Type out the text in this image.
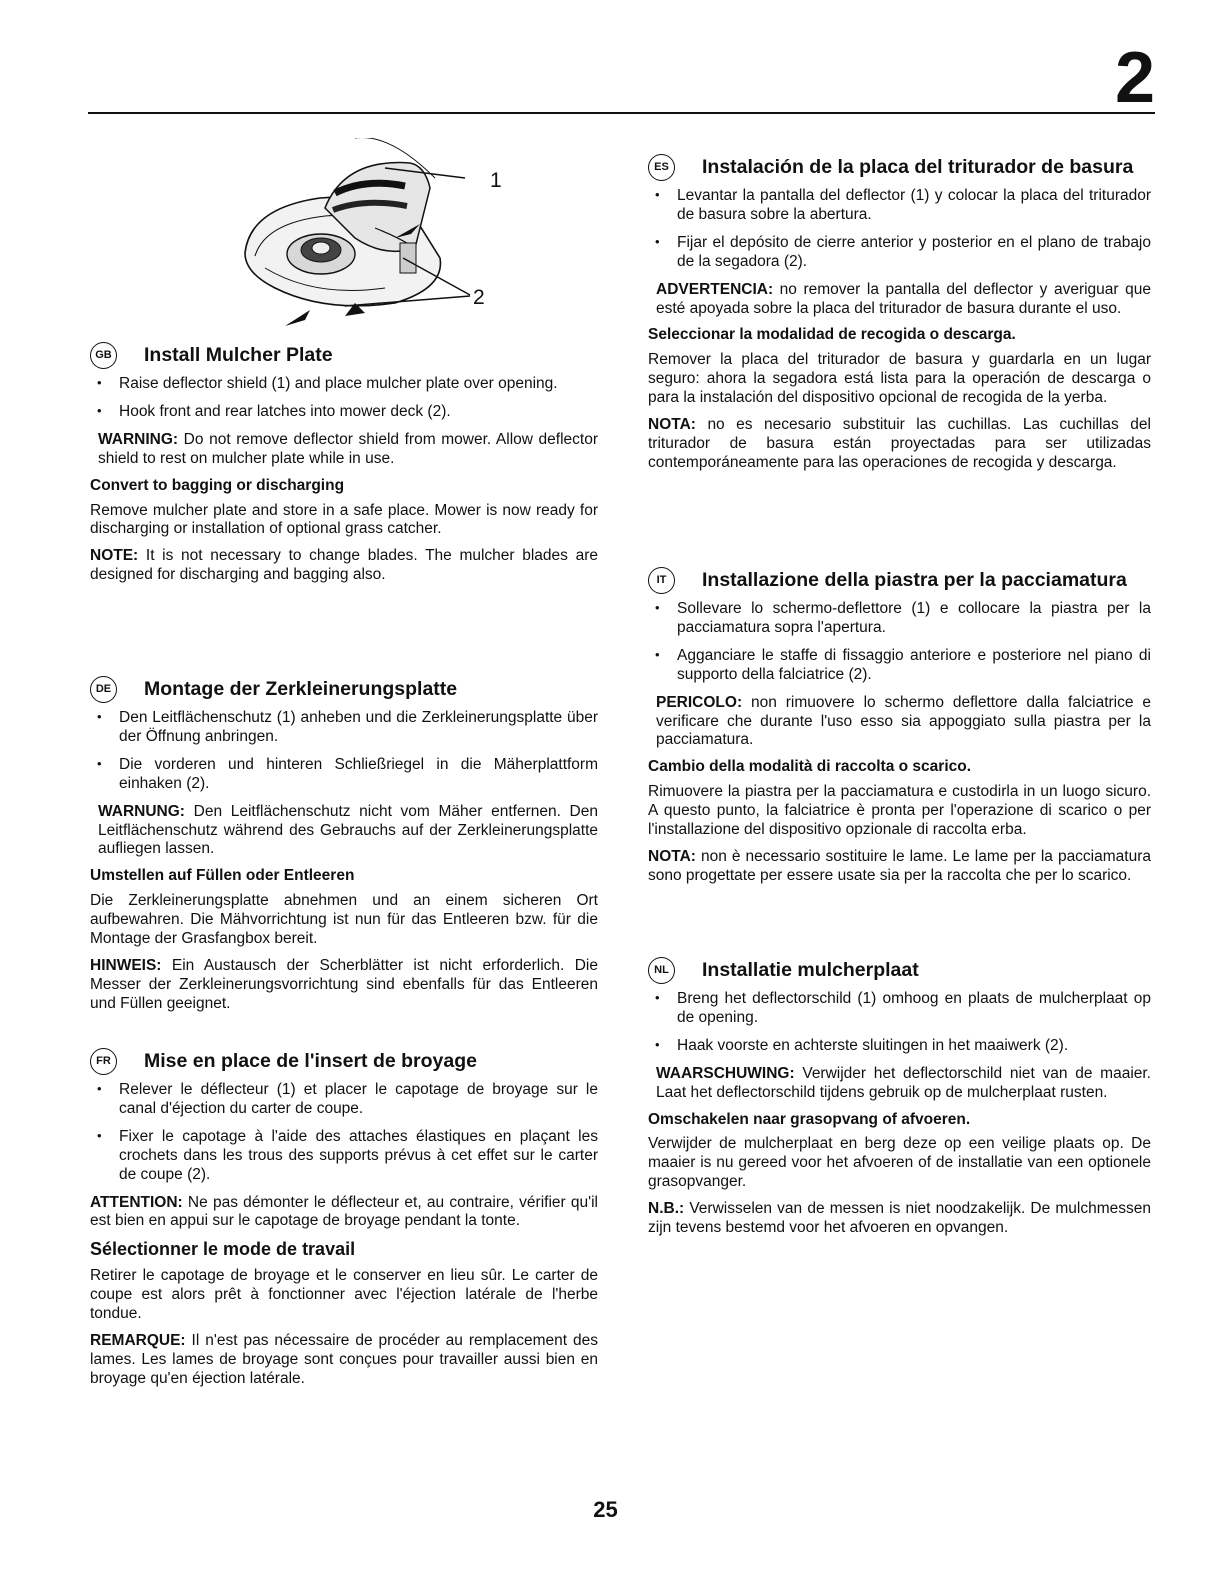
2
1
2
GB Install Mulcher Plate
• Raise deflector shield (1) and place mulcher plate over opening.
• Hook front and rear latches into mower deck (2).

WARNING: Do not remove deflector shield from mower. Allow deflector shield to rest on mulcher plate while in use.

Convert to bagging or discharging

Remove mulcher plate and store in a safe place. Mower is now ready for discharging or installation of optional grass catcher.

NOTE: It is not necessary to change blades. The mulcher blades are designed for discharging and bagging also.

DE	Montage der Zerkleinerungsplatte
• Den Leitflächenschutz (1) anheben und die Zerkleinerungsplatte über der Öffnung anbringen.
• Die vorderen und hinteren Schließriegel in die Mäherplattform einhaken (2).

WARNUNG: Den Leitflächenschutz nicht vom Mäher entfernen. Den Leitflächenschutz während des Gebrauchs auf der Zerkleinerungsplatte aufliegen lassen.

Umstellen auf Füllen oder Entleeren

Die Zerkleinerungsplatte abnehmen und an einem sicheren Ort aufbewahren. Die Mähvorrichtung ist nun für das Entleeren bzw. für die Montage der Grasfangbox bereit.

HINWEIS: Ein Austausch der Scherblätter ist nicht erforderlich. Die Messer der Zerkleinerungsvorrichtung sind ebenfalls für das Entleeren und Füllen geeignet.

FR	Mise en place de l'insert de broyage
• Relever le déflecteur (1) et placer le capotage de broyage sur le canal d'éjection du carter de coupe.
• Fixer le capotage à l'aide des attaches élastiques en plaçant les crochets dans les trous des supports prévus à cet effet sur le carter de coupe (2).

ATTENTION: Ne pas démonter le déflecteur et, au contraire, vérifier qu'il est bien en appui sur le capotage de broyage pendant la tonte.

Sélectionner le mode de travail

Retirer le capotage de broyage et le conserver en lieu sûr. Le carter de coupe est alors prêt à fonctionner avec l'éjection latérale de l'herbe tondue.

REMARQUE: Il n'est pas nécessaire de procéder au remplacement des lames. Les lames de broyage sont conçues pour travailler aussi bien en broyage qu'en éjection latérale.

ES	Instalación de la placa del triturador de basura
• Levantar la pantalla del deflector (1) y colocar la placa del triturador de basura sobre la abertura.
• Fijar el depósito de cierre anterior y posterior en el plano de trabajo de la segadora (2).

ADVERTENCIA: no remover la pantalla del deflector y averiguar que esté apoyada sobre la placa del triturador de basura durante el uso.

Seleccionar la modalidad de recogida o descarga.

Remover la placa del triturador de basura y guardarla en un lugar seguro: ahora la segadora está lista para la operación de descarga o para la instalación del dispositivo opcional de recogida de la yerba.

NOTA: no es necesario substituir las cuchillas. Las cuchillas del triturador de basura están proyectadas para ser utilizadas contemporáneamente para las operaciones de recogida y descarga.

IT	Installazione della piastra per la pacciamatura
• Sollevare lo schermo-deflettore (1) e collocare la piastra per la pacciamatura sopra l'apertura.
• Agganciare le staffe di fissaggio anteriore e posteriore nel piano di supporto della falciatrice (2).

PERICOLO: non rimuovere lo schermo deflettore dalla falciatrice e verificare che durante l'uso esso sia appoggiato sulla piastra per la pacciamatura.

Cambio della modalità di raccolta o scarico.

Rimuovere la piastra per la pacciamatura e custodirla in un luogo sicuro. A questo punto, la falciatrice è pronta per l'operazione di scarico o per l'installazione del dispositivo opzionale di raccolta erba.

NOTA: non è necessario sostituire le lame. Le lame per la pacciamatura sono progettate per essere usate sia per la raccolta che per lo scarico.

NL	Installatie mulcherplaat
• Breng het deflectorschild (1) omhoog en plaats de mulcherplaat op de opening.
• Haak voorste en achterste sluitingen in het maaiwerk (2).

WAARSCHUWING: Verwijder het deflectorschild niet van de maaier. Laat het deflectorschild tijdens gebruik op de mulcherplaat rusten.

Omschakelen naar grasopvang of afvoeren.

Verwijder de mulcherplaat en berg deze op een veilige plaats op. De maaier is nu gereed voor het afvoeren of de installatie van een optionele grasopvanger.

N.B.: Verwisselen van de messen is niet noodzakelijk. De mulchmessen zijn tevens bestemd voor het afvoeren en opvangen.

25
